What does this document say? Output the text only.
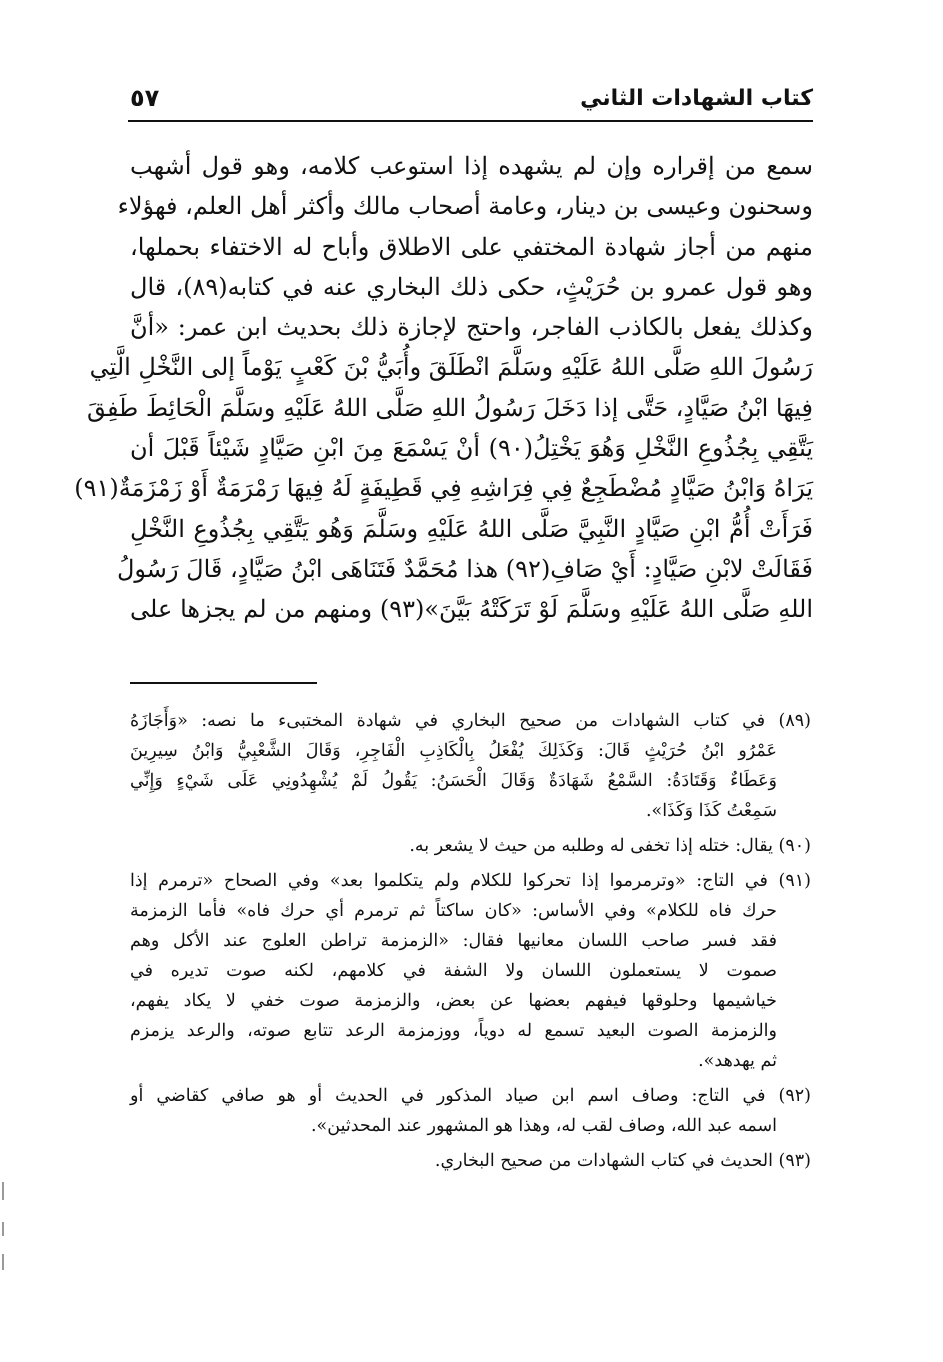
كتاب الشهادات الثاني
٥٧
سمع من إقراره وإن لم يشهده إذا استوعب كلامه، وهو قول أشهب
وسحنون وعيسى بن دينار، وعامة أصحاب مالك وأكثر أهل العلم، فهؤلاء
منهم من أجاز شهادة المختفي على الاطلاق وأباح له الاختفاء بحملها،
وهو قول عمرو بن حُرَيْثٍ، حكى ذلك البخاري عنه في كتابه(٨٩)، قال
وكذلك يفعل بالكاذب الفاجر، واحتج لإجازة ذلك بحديث ابن عمر: «أنَّ
رَسُولَ اللهِ صَلَّى اللهُ عَلَيْهِ وسَلَّمَ انْطَلَقَ وأُبَيُّ بْنَ كَعْبٍ يَوْماً إلى النَّخْلِ الَّتِي
فِيهَا ابْنُ صَيَّادٍ، حَتَّى إذا دَخَلَ رَسُولُ اللهِ صَلَّى اللهُ عَلَيْهِ وسَلَّمَ الْحَائِطَ طَفِقَ
يَتَّقِي بِجُذُوعِ النَّخْلِ وَهُوَ يَخْتِلُ(٩٠) أنْ يَسْمَعَ مِنَ ابْنِ صَيَّادٍ شَيْئاً قَبْلَ أن
يَرَاهُ وَابْنُ صَيَّادٍ مُضْطَجِعٌ فِي فِرَاشِهِ فِي قَطِيفَةٍ لَهُ فِيهَا رَمْرَمَةٌ أَوْ زَمْزَمَةٌ(٩١)
فَرَأَتْ أُمُّ ابْنِ صَيَّادٍ النَّبِيَّ صَلَّى اللهُ عَلَيْهِ وسَلَّمَ وَهُو يَتَّقِي بِجُذُوعِ النَّخْلِ
فَقَالَتْ لابْنِ صَيَّادٍ: أَيْ صَافِ(٩٢) هذا مُحَمَّدٌ فَتَنَاهَى ابْنُ صَيَّادٍ، قَالَ رَسُولُ
اللهِ صَلَّى اللهُ عَلَيْهِ وسَلَّمَ لَوْ تَرَكَتْهُ بَيَّنَ»(٩٣) ومنهم من لم يجزها على
(٨٩) في كتاب الشهادات من صحيح البخاري في شهادة المختبىء ما نصه: «وَأَجَازَهُ
عَمْرُو ابْنُ حُرَيْثٍ قَالَ: وَكَذَلِكَ يُفْعَلُ بِالْكَاذِبِ الْفَاجِرِ، وَقَالَ الشَّعْبِيُّ وَابْنُ سِيرِينَ
وَعَطَاءٌ وَقَتَادَةُ: السَّمْعُ شَهَادَةٌ وَقَالَ الْحَسَنُ: يَقُولُ لَمْ يُشْهِدُونِي عَلَى شَيْءٍ وَإِنِّي
سَمِعْتُ كَذَا وَكَذَا».
(٩٠) يقال: ختله إذا تخفى له وطلبه من حيث لا يشعر به.
(٩١) في التاج: «وترمرموا إذا تحركوا للكلام ولم يتكلموا بعد» وفي الصحاح «ترمرم إذا
حرك فاه للكلام» وفي الأساس: «كان ساكتاً ثم ترمرم أي حرك فاه» فأما الزمزمة
فقد فسر صاحب اللسان معانيها فقال: «الزمزمة تراطن العلوج عند الأكل وهم
صموت لا يستعملون اللسان ولا الشفة في كلامهم، لكنه صوت تديره في
خياشيمها وحلوقها فيفهم بعضها عن بعض، والزمزمة صوت خفي لا يكاد يفهم،
والزمزمة الصوت البعيد تسمع له دوياً، ووزمزمة الرعد تتابع صوته، والرعد يزمزم
ثم يهدهد».
(٩٢) في التاج: وصاف اسم ابن صياد المذكور في الحديث أو هو صافي كقاضي أو
اسمه عبد الله، وصاف لقب له، وهذا هو المشهور عند المحدثين».
(٩٣) الحديث في كتاب الشهادات من صحيح البخاري.
